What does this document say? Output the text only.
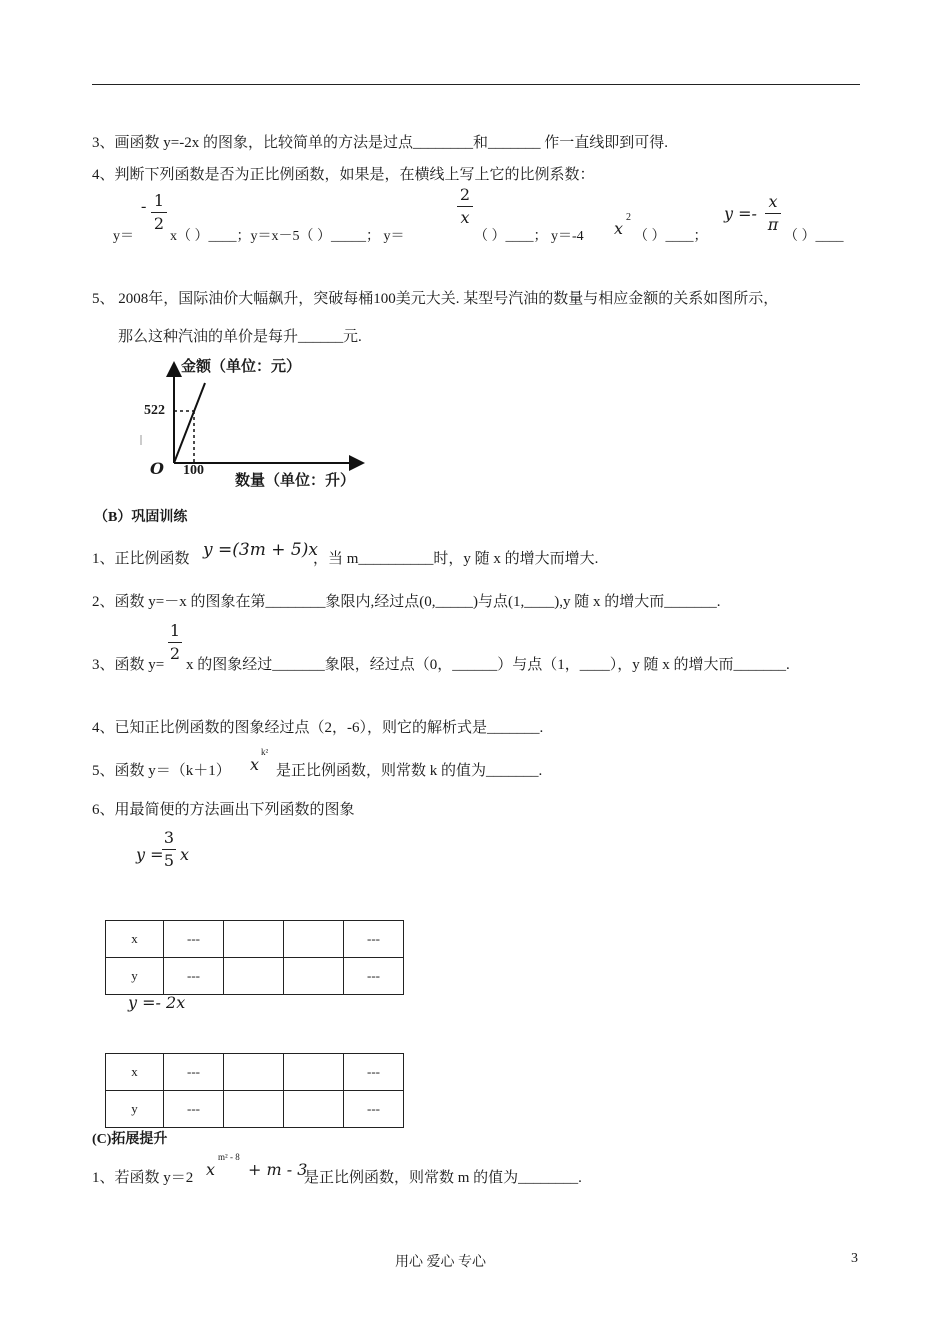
3、画函数 y=-2x 的图象，比较简单的方法是过点________和_______ 作一直线即到可得.
4、判断下列函数是否为正比例函数，如果是，在横线上写上它的比例系数：
y＝
- 1
2
x（ ）____；y＝x－5（ ）_____； y＝
2
x
（ ）____； y＝-4 x
2
（ ）____；
y =-
x
π
（ ）____
5、 2008年，国际油价大幅飙升，突破每桶100美元大关. 某型号汽油的数量与相应金额的关系如图所示，
那么这种汽油的单价是每升______元.
金额（单位：元）
522
O 100
数量（单位：升）
（B）巩固训练
1、正比例函数 y =(3m + 5)x
，当 m__________时，y 随 x 的增大而增大.
2、函数 y=－x 的图象在第________象限内,经过点(0,_____)与点(1,____),y 随 x 的增大而_______.
3、函数 y=
1
2
x 的图象经过_______象限，经过点（0，______）与点（1，____），y 随 x 的增大而_______.
4、已知正比例函数的图象经过点（2，-6），则它的解析式是_______.
5、函数 y＝（k＋1） x
k²
是正比例函数，则常数 k 的值为_______.
6、用最简便的方法画出下列函数的图象
y =
3
5 x
x	---			---
y	---			---
y =- 2x
x	---			---
y	---			---
(C)拓展提升
1、若函数 y＝2 x
m² - 8
+ m - 3
是正比例函数，则常数 m 的值为________.
用心 爱心 专心	3
